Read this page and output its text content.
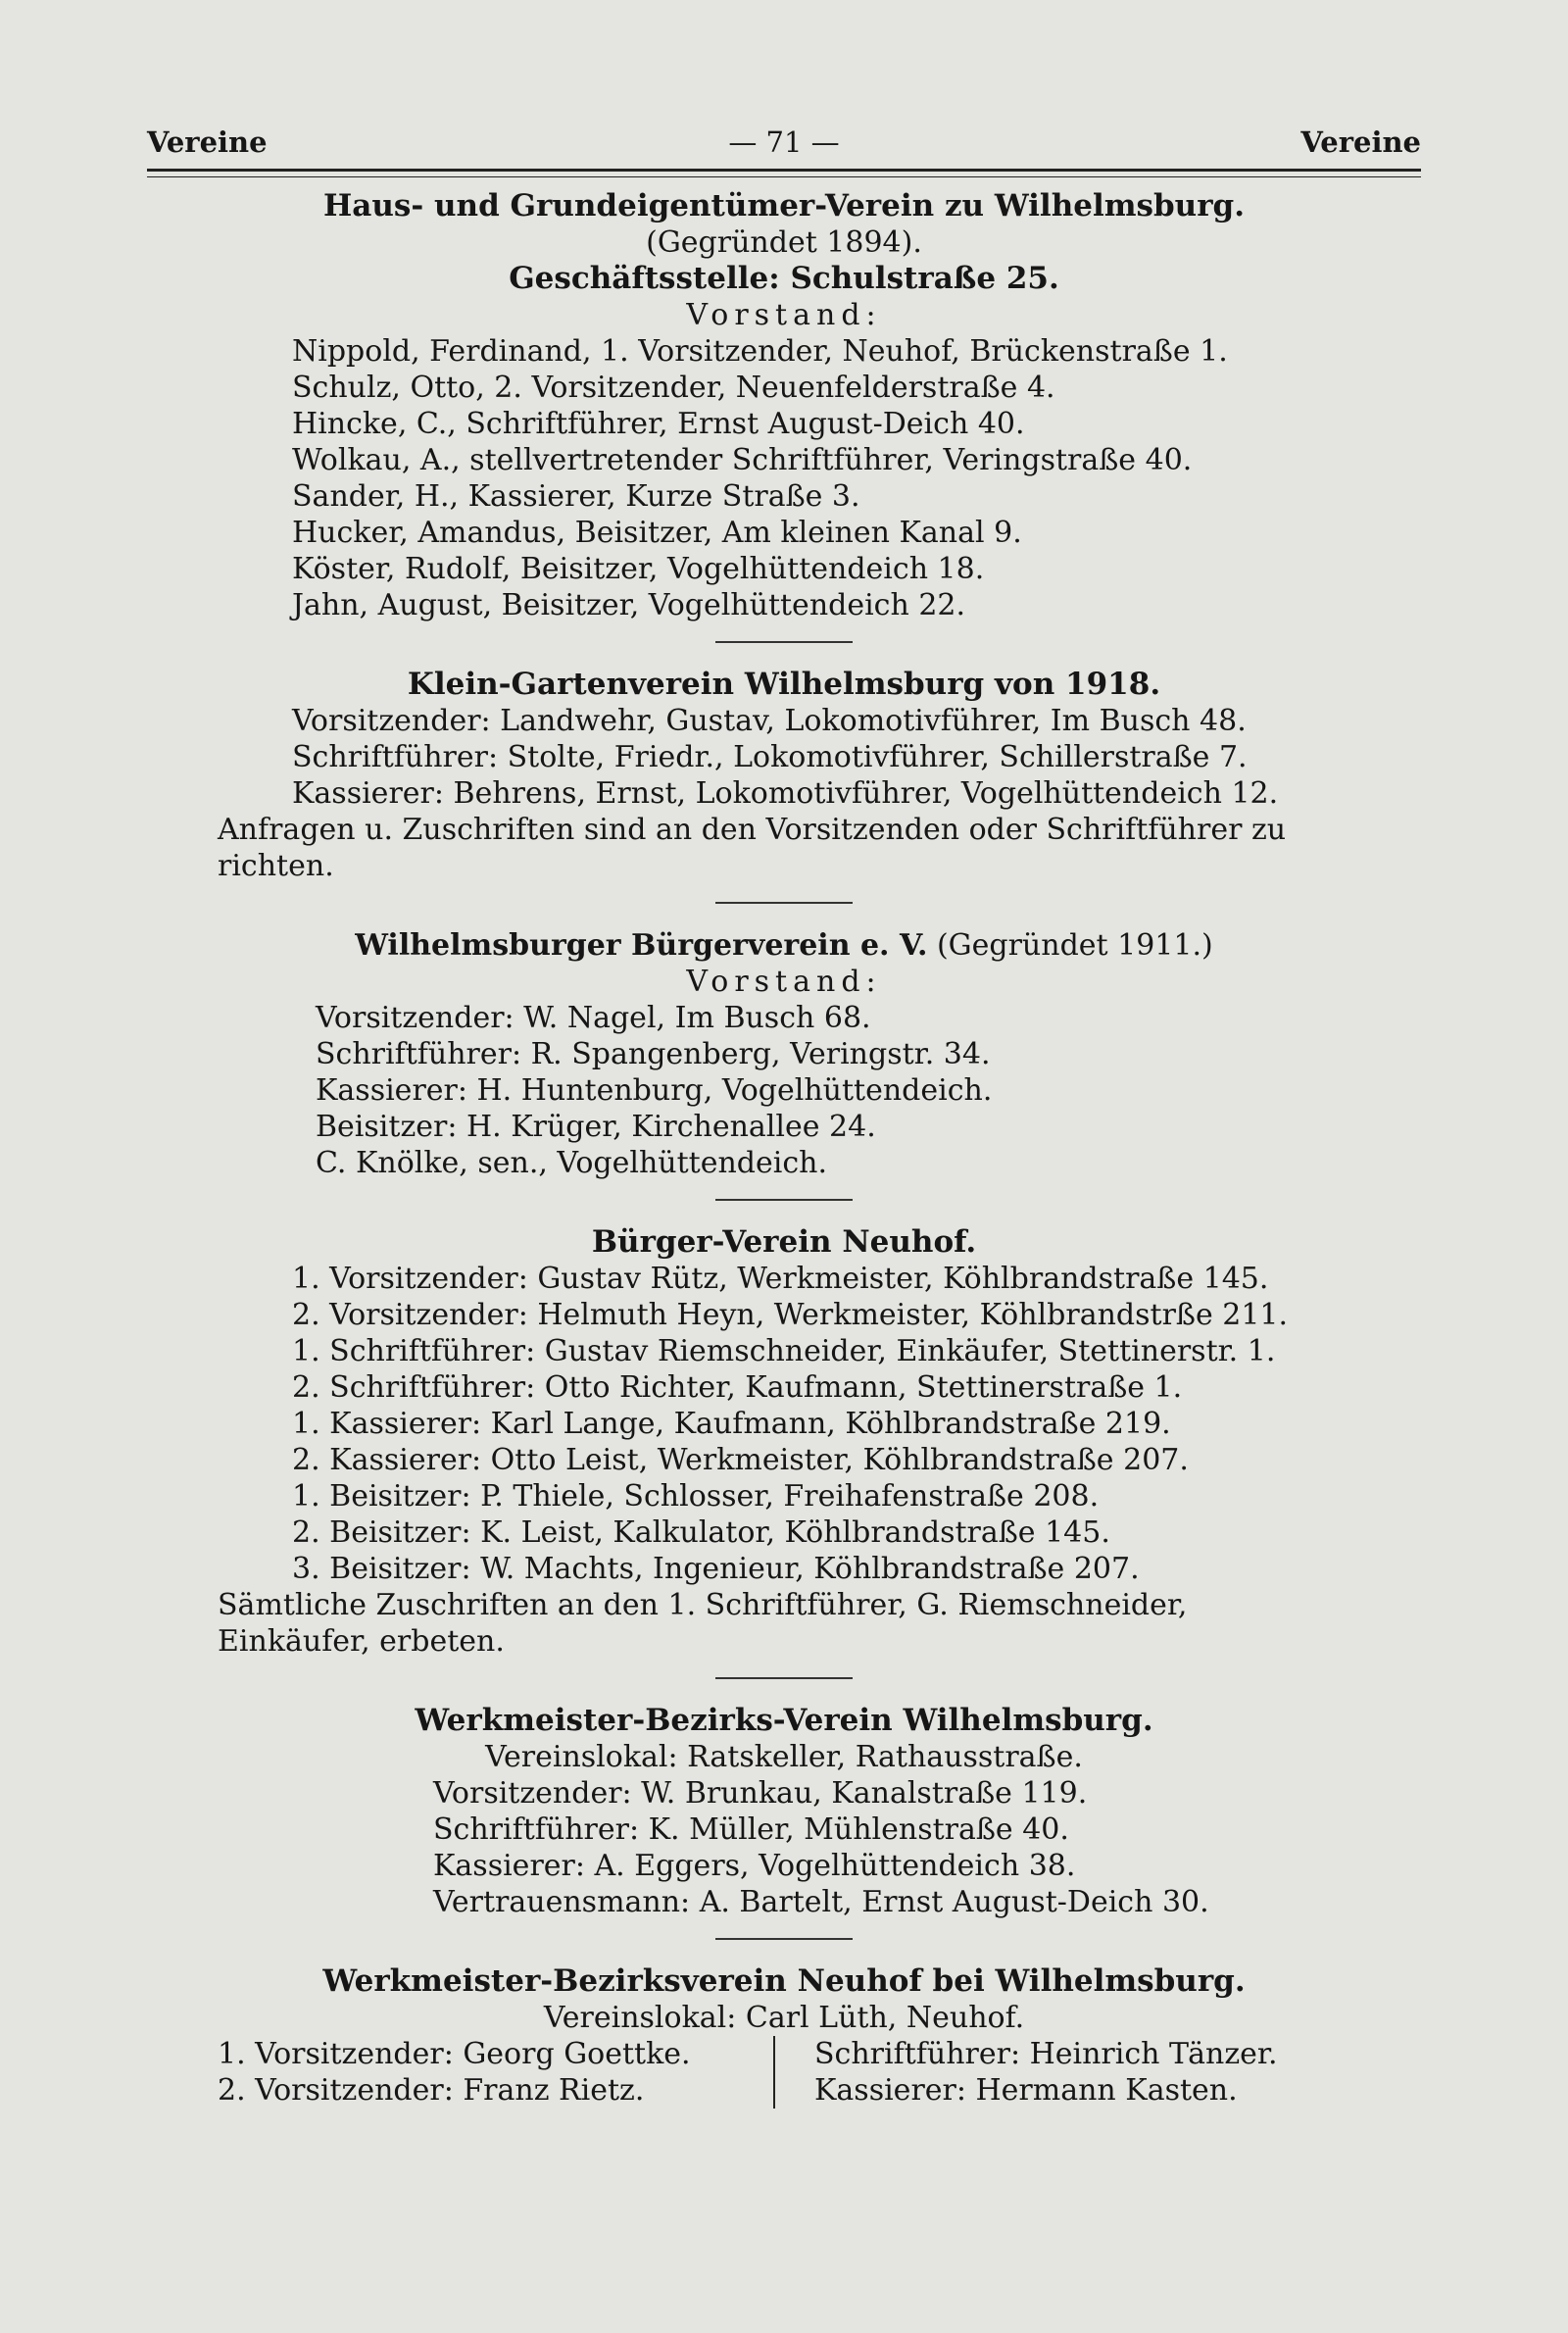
Vereine	— 71 —	Vereine
Haus- und Grundeigentümer-Verein zu Wilhelmsburg.
(Gegründet 1894).
Geschäftsstelle: Schulstraße 25.
Vorstand:
Nippold, Ferdinand, 1. Vorsitzender, Neuhof, Brückenstraße 1.
Schulz, Otto, 2. Vorsitzender, Neuenfelderstraße 4.
Hincke, C., Schriftführer, Ernst August-Deich 40.
Wolkau, A., stellvertretender Schriftführer, Veringstraße 40.
Sander, H., Kassierer, Kurze Straße 3.
Hucker, Amandus, Beisitzer, Am kleinen Kanal 9.
Köster, Rudolf, Beisitzer, Vogelhüttendeich 18.
Jahn, August, Beisitzer, Vogelhüttendeich 22.
Klein-Gartenverein Wilhelmsburg von 1918.
Vorsitzender: Landwehr, Gustav, Lokomotivführer, Im Busch 48.
Schriftführer: Stolte, Friedr., Lokomotivführer, Schillerstraße 7.
Kassierer: Behrens, Ernst, Lokomotivführer, Vogelhüttendeich 12.
Anfragen u. Zuschriften sind an den Vorsitzenden oder Schriftführer zu richten.
Wilhelmsburger Bürgerverein e. V. (Gegründet 1911.)
Vorstand:
Vorsitzender: W. Nagel, Im Busch 68.
Schriftführer: R. Spangenberg, Veringstr. 34.
Kassierer: H. Huntenburg, Vogelhüttendeich.
Beisitzer: H. Krüger, Kirchenallee 24.
C. Knölke, sen., Vogelhüttendeich.
Bürger-Verein Neuhof.
1. Vorsitzender: Gustav Rütz, Werkmeister, Köhlbrandstraße 145.
2. Vorsitzender: Helmuth Heyn, Werkmeister, Köhlbrandstrße 211.
1. Schriftführer: Gustav Riemschneider, Einkäufer, Stettinerstr. 1.
2. Schriftführer: Otto Richter, Kaufmann, Stettinerstraße 1.
1. Kassierer: Karl Lange, Kaufmann, Köhlbrandstraße 219.
2. Kassierer: Otto Leist, Werkmeister, Köhlbrandstraße 207.
1. Beisitzer: P. Thiele, Schlosser, Freihafenstraße 208.
2. Beisitzer: K. Leist, Kalkulator, Köhlbrandstraße 145.
3. Beisitzer: W. Machts, Ingenieur, Köhlbrandstraße 207.
Sämtliche Zuschriften an den 1. Schriftführer, G. Riemschneider, Einkäufer, erbeten.
Werkmeister-Bezirks-Verein Wilhelmsburg.
Vereinslokal: Ratskeller, Rathausstraße.
Vorsitzender: W. Brunkau, Kanalstraße 119.
Schriftführer: K. Müller, Mühlenstraße 40.
Kassierer: A. Eggers, Vogelhüttendeich 38.
Vertrauensmann: A. Bartelt, Ernst August-Deich 30.
Werkmeister-Bezirksverein Neuhof bei Wilhelmsburg.
Vereinslokal: Carl Lüth, Neuhof.
1. Vorsitzender: Georg Goettke.
2. Vorsitzender: Franz Rietz.
Schriftführer: Heinrich Tänzer.
Kassierer: Hermann Kasten.
